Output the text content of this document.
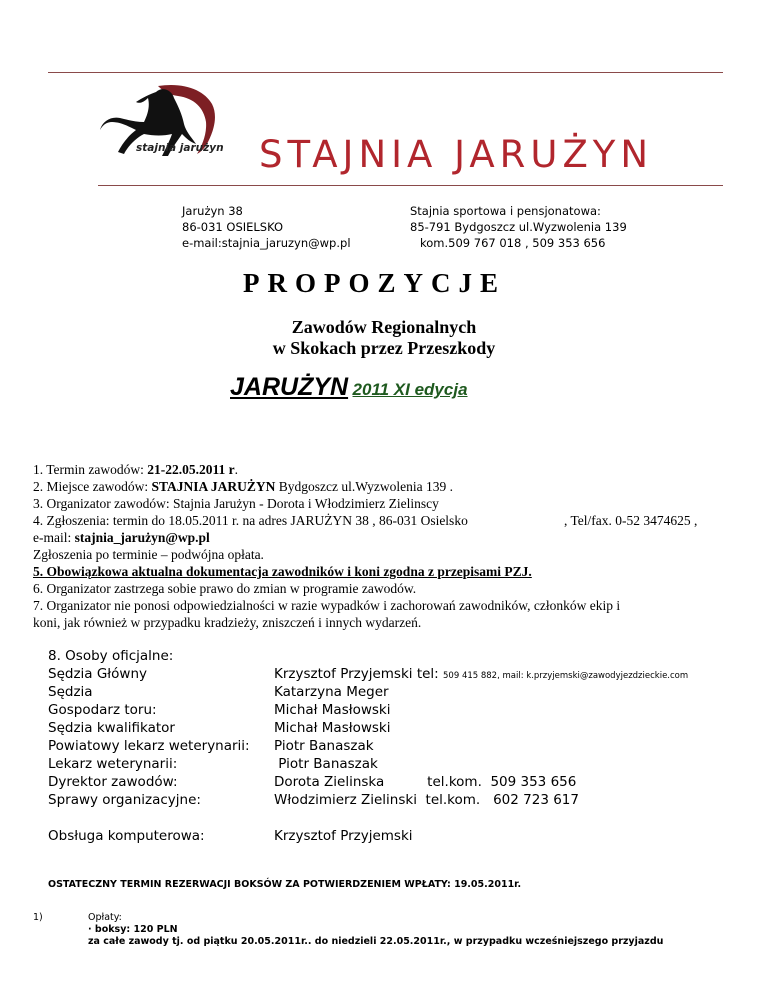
stajnia jarużyn STAJNIA JARUŻYN
Jarużyn 38
86-031 OSIELSKO
e-mail:stajnia_jaruzyn@wp.pl
Stajnia sportowa i pensjonatowa:
85-791 Bydgoszcz ul.Wyzwolenia 139
kom.509 767 018 , 509 353 656
PROPOZYCJE
Zawodów Regionalnych
w Skokach przez Przeszkody
JARUŻYN 2011 XI edycja

1. Termin zawodów: 21-22.05.2011 r.

2. Miejsce zawodów: STAJNIA JARUŻYN Bydgoszcz ul.Wyzwolenia 139 .

3. Organizator zawodów: Stajnia Jarużyn - Dorota i Włodzimierz Zielinscy

4. Zgłoszenia: termin do 18.05.2011 r. na adres JARUŻYN 38 , 86-031 Osielsko	, Tel/fax. 0-52 3474625 ,

e-mail: stajnia_jarużyn@wp.pl

Zgłoszenia po terminie – podwójna opłata.

5. Obowiązkowa aktualna dokumentacja zawodników i koni zgodna z przepisami PZJ.

6. Organizator zastrzega sobie prawo do zmian w programie zawodów.

7. Organizator nie ponosi odpowiedzialności w razie wypadków i zachorowań zawodników, członków ekip i

koni, jak również w przypadku kradzieży, zniszczeń i innych wydarzeń.

8. Osoby oficjalne:
Sędzia Główny	Krzysztof Przyjemski tel: 509 415 882, mail: k.przyjemski@zawodyjezdzieckie.com
Sędzia	Katarzyna Meger
Gospodarz toru:	Michał Masłowski
Sędzia kwalifikator	Michał Masłowski
Powiatowy lekarz weterynarii: Piotr Banaszak
Lekarz weterynarii:	Piotr Banaszak
Dyrektor zawodów:	Dorota Zielinska          tel.kom.  509 353 656
Sprawy organizacyjne:	Włodzimierz Zielinski  tel.kom.   602 723 617
Obsługa komputerowa:	Krzysztof Przyjemski
OSTATECZNY TERMIN REZERWACJI BOKSÓW ZA POTWIERDZENIEM WPŁATY: 19.05.2011r.
1)	Opłaty:
· boksy: 120 PLN
za całe zawody tj. od piątku 20.05.2011r.. do niedzieli 22.05.2011r., w przypadku wcześniejszego przyjazdu
